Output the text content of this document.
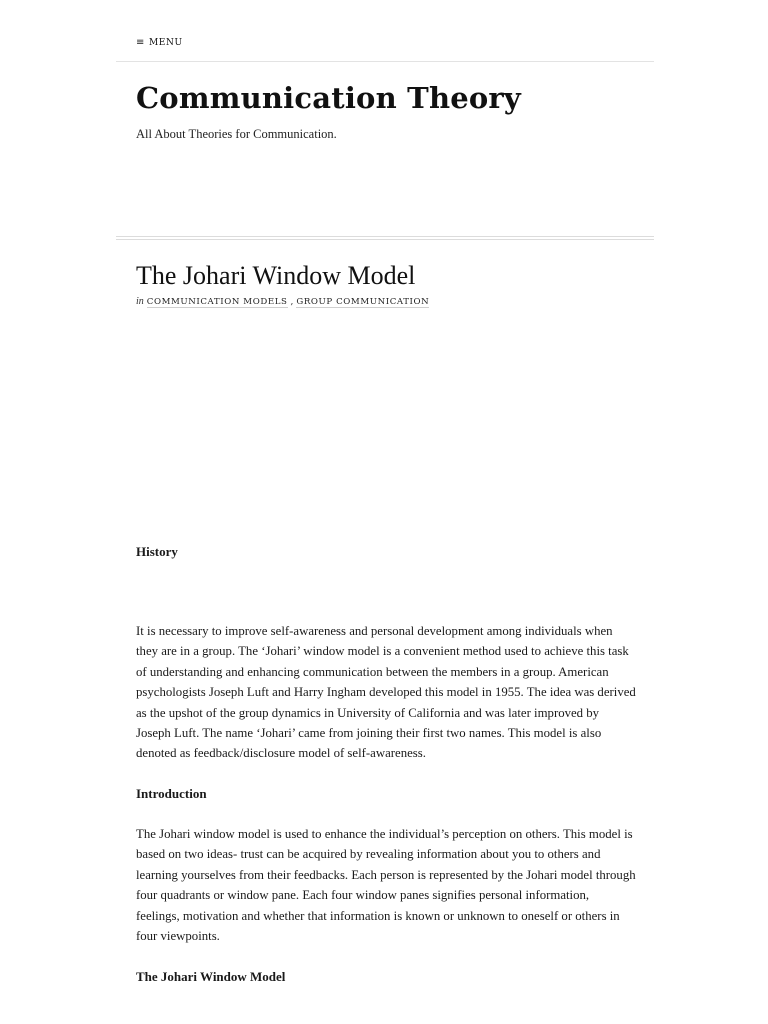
≡ MENU
Communication Theory
All About Theories for Communication.
The Johari Window Model
in COMMUNICATION MODELS , GROUP COMMUNICATION
History

It is necessary to improve self-awareness and personal development among individuals when they are in a group. The ‘Johari’ window model is a convenient method used to achieve this task of understanding and enhancing communication between the members in a group. American psychologists Joseph Luft and Harry Ingham developed this model in 1955. The idea was derived as the upshot of the group dynamics in University of California and was later improved by Joseph Luft. The name ‘Johari’ came from joining their first two names. This model is also denoted as feedback/disclosure model of self-awareness.

Introduction

The Johari window model is used to enhance the individual’s perception on others. This model is based on two ideas- trust can be acquired by revealing information about you to others and learning yourselves from their feedbacks. Each person is represented by the Johari model through four quadrants or window pane. Each four window panes signifies personal information, feelings, motivation and whether that information is known or unknown to oneself or others in four viewpoints.

The Johari Window Model
